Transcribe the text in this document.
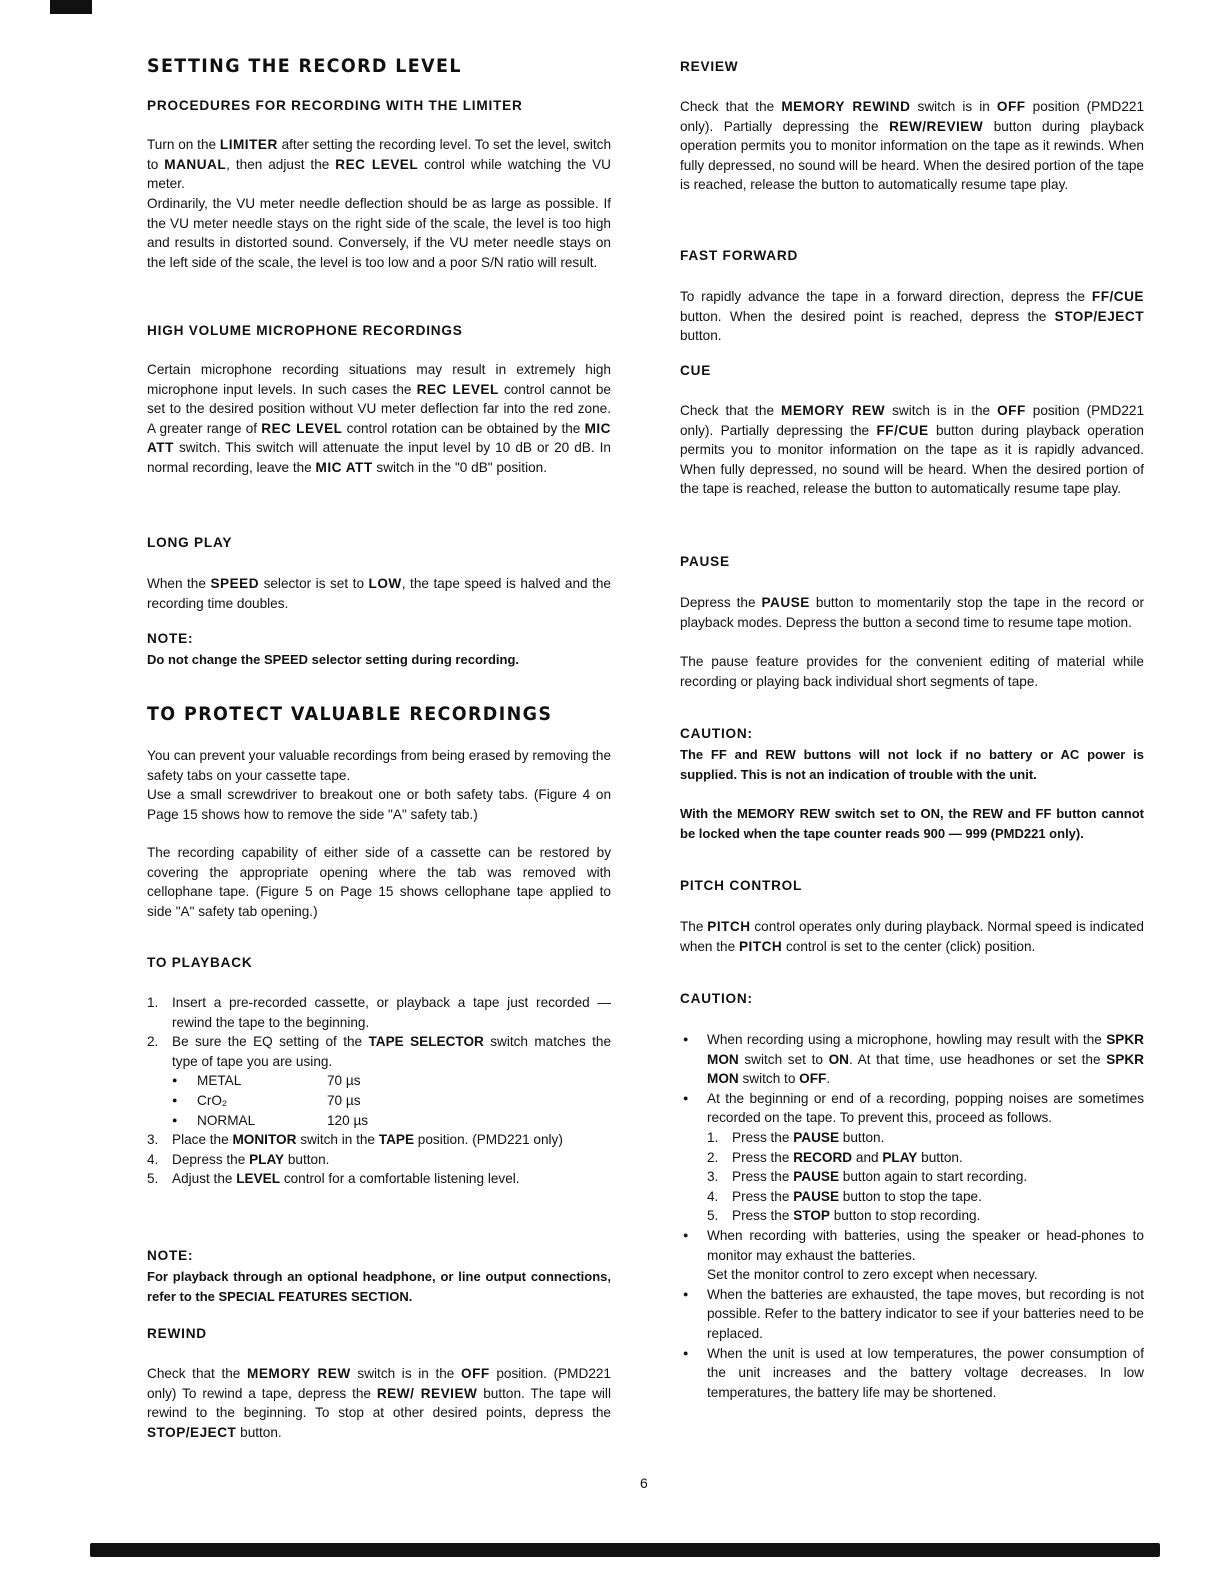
SETTING THE RECORD LEVEL
PROCEDURES FOR RECORDING WITH THE LIMITER

Turn on the LIMITER after setting the recording level. To set the level, switch to MANUAL, then adjust the REC LEVEL control while watching the VU meter.

Ordinarily, the VU meter needle deflection should be as large as possible. If the VU meter needle stays on the right side of the scale, the level is too high and results in distorted sound. Conversely, if the VU meter needle stays on the left side of the scale, the level is too low and a poor S/N ratio will result.

HIGH VOLUME MICROPHONE RECORDINGS

Certain microphone recording situations may result in extremely high microphone input levels. In such cases the REC LEVEL control cannot be set to the desired position without VU meter deflection far into the red zone. A greater range of REC LEVEL control rotation can be obtained by the MIC ATT switch. This switch will attenuate the input level by 10 dB or 20 dB. In normal recording, leave the MIC ATT switch in the "0 dB" position.

LONG PLAY

When the SPEED selector is set to LOW, the tape speed is halved and the recording time doubles.

NOTE:
Do not change the SPEED selector setting during recording.
TO PROTECT VALUABLE RECORDINGS

You can prevent your valuable recordings from being erased by removing the safety tabs on your cassette tape.

Use a small screwdriver to breakout one or both safety tabs. (Figure 4 on Page 15 shows how to remove the side "A" safety tab.)

The recording capability of either side of a cassette can be restored by covering the appropriate opening where the tab was removed with cellophane tape. (Figure 5 on Page 15 shows cellophane tape applied to side "A" safety tab opening.)

TO PLAYBACK
1. Insert a pre-recorded cassette, or playback a tape just recorded — rewind the tape to the beginning.
2. Be sure the EQ setting of the TAPE SELECTOR switch matches the type of tape you are using.
●	METAL	70 µs
●	CrO₂	70 µs
●	NORMAL	120 µs
3. Place the MONITOR switch in the TAPE position. (PMD221 only)
4. Depress the PLAY button.
5. Adjust the LEVEL control for a comfortable listening level.
NOTE:
For playback through an optional headphone, or line output connections, refer to the SPECIAL FEATURES SECTION.
REWIND

Check that the MEMORY REW switch is in the OFF position. (PMD221 only) To rewind a tape, depress the REW/ REVIEW button. The tape will rewind to the beginning. To stop at other desired points, depress the STOP/EJECT button.

REVIEW

Check that the MEMORY REWIND switch is in OFF position (PMD221 only). Partially depressing the REW/REVIEW button during playback operation permits you to monitor information on the tape as it rewinds. When fully depressed, no sound will be heard. When the desired portion of the tape is reached, release the button to automatically resume tape play.

FAST FORWARD

To rapidly advance the tape in a forward direction, depress the FF/CUE button. When the desired point is reached, depress the STOP/EJECT button.

CUE

Check that the MEMORY REW switch is in the OFF position (PMD221 only). Partially depressing the FF/CUE button during playback operation permits you to monitor information on the tape as it is rapidly advanced. When fully depressed, no sound will be heard. When the desired portion of the tape is reached, release the button to automatically resume tape play.

PAUSE

Depress the PAUSE button to momentarily stop the tape in the record or playback modes. Depress the button a second time to resume tape motion.

The pause feature provides for the convenient editing of material while recording or playing back individual short segments of tape.

CAUTION:
The FF and REW buttons will not lock if no battery or AC power is supplied. This is not an indication of trouble with the unit.
With the MEMORY REW switch set to ON, the REW and FF button cannot be locked when the tape counter reads 900 — 999 (PMD221 only).
PITCH CONTROL

The PITCH control operates only during playback. Normal speed is indicated when the PITCH control is set to the center (click) position.

CAUTION:
● When recording using a microphone, howling may result with the SPKR MON switch set to ON. At that time, use headhones or set the SPKR MON switch to OFF.
● At the beginning or end of a recording, popping noises are sometimes recorded on the tape. To prevent this, proceed as follows.
1. Press the PAUSE button.
2. Press the RECORD and PLAY button.
3. Press the PAUSE button again to start recording.
4. Press the PAUSE button to stop the tape.
5. Press the STOP button to stop recording.
● When recording with batteries, using the speaker or head-phones to monitor may exhaust the batteries.
Set the monitor control to zero except when necessary.
● When the batteries are exhausted, the tape moves, but recording is not possible. Refer to the battery indicator to see if your batteries need to be replaced.
● When the unit is used at low temperatures, the power consumption of the unit increases and the battery voltage decreases. In low temperatures, the battery life may be shortened.
6
